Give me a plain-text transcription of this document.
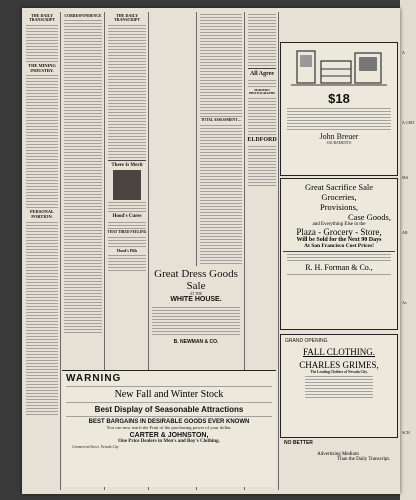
A
A CRIT
MA
AB
As
SCH
THE DAILY TRANSCRIPT
THE MINING INDUSTRY.
PERSONAL PORTION.
CORRESPONDENCE	THE DAILY TRANSCRIPT
There Is Merit
Hood's Cures
THAT TIRED FEELING
Hood's Pills
TOTAL ASSESSMENT ...
Great Dress Goods Sale
AT THE
WHITE HOUSE.
B. NEWMAN & CO.
All Agree
MODERN PHOTOGRAPHS
ELDFORD
$18
John Breuer
SACRAMENTO
Great Sacrifice Sale
Groceries,
Provisions,
Case Goods,
and Everything Else in the
Plaza - Grocery - Store,
Will be Sold for the Next 90 Days
At San Francisco Cost Prices!
R. H. Forman & Co.,
GRAND OPENING
FALL CLOTHING.
CHARLES GRIMES,
The Leading Clothier of Nevada City.
NO BETTER
Advertising Medium
Than the Daily Transcript.
WARNING
New Fall and Winter Stock
Best Display of Seasonable Attractions
BEST BARGAINS IN DESIRABLE GOODS EVER KNOWN
You can now reach the Fruit of the purchasing power of your dollar.
CARTER & JOHNSTON,
One Price Dealers in Men's and Boy's Clothing.
Commercial Street, Nevada City
